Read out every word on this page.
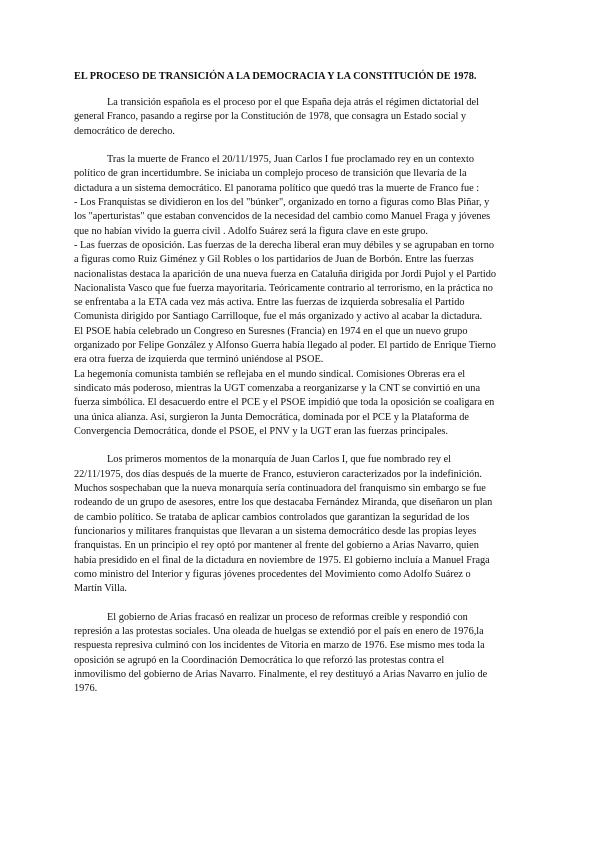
EL PROCESO DE TRANSICIÓN A LA DEMOCRACIA Y LA CONSTITUCIÓN DE 1978.
La transición española es el proceso por el que España deja atrás el régimen dictatorial del
general Franco, pasando a regirse por la Constitución de 1978, que consagra un Estado social y
democrático de derecho.
Tras la muerte de Franco el 20/11/1975, Juan Carlos I fue proclamado rey en un contexto
político de gran incertidumbre. Se iniciaba un complejo proceso de transición que llevaría de la
dictadura a un sistema democrático. El panorama político que quedó tras la muerte de Franco fue :
- Los Franquistas se dividieron en los del "búnker", organizado en torno a figuras como Blas Piñar, y
los "aperturistas" que estaban convencidos de la necesidad del cambio como Manuel Fraga y jóvenes
que no habían vivido la guerra civil . Adolfo Suárez será la figura clave en este grupo.
- Las fuerzas de oposición. Las fuerzas de la derecha liberal eran muy débiles y se agrupaban en torno
a figuras como Ruiz Giménez y Gil Robles o los partidarios de Juan de Borbón. Entre las fuerzas
nacionalistas destaca la aparición de una nueva fuerza en Cataluña dirigida por Jordi Pujol y el Partido
Nacionalista Vasco que fue fuerza mayoritaria. Teóricamente contrario al terrorismo, en la práctica no
se enfrentaba a la ETA cada vez más activa. Entre las fuerzas de izquierda sobresalía el Partido
Comunista dirigido por Santiago Carrilloque, fue el más organizado y activo al acabar la dictadura.
El PSOE había celebrado un Congreso en Suresnes (Francia) en 1974 en el que un nuevo grupo
organizado por Felipe González y Alfonso Guerra había llegado al poder. El partido de Enrique Tierno
era otra fuerza de izquierda que terminó uniéndose al PSOE.
La hegemonía comunista también se reflejaba en el mundo sindical. Comisiones Obreras era el
sindicato más poderoso, mientras la UGT comenzaba a reorganizarse y la CNT se convirtió en una
fuerza simbólica. El desacuerdo entre el PCE y el PSOE impidió que toda la oposición se coaligara en
una única alianza. Así, surgieron la Junta Democrática, dominada por el PCE y la Plataforma de
Convergencia Democrática, donde el PSOE, el PNV y la UGT eran las fuerzas principales.
Los primeros momentos de la monarquía de Juan Carlos I, que fue nombrado rey el
22/11/1975, dos días después de la muerte de Franco, estuvieron caracterizados por la indefinición.
Muchos sospechaban que la nueva monarquía sería continuadora del franquismo sin embargo se fue
rodeando de un grupo de asesores, entre los que destacaba Fernández Miranda, que diseñaron un plan
de cambio político. Se trataba de aplicar cambios controlados que garantizan la seguridad de los
funcionarios y militares franquistas que llevaran a un sistema democrático desde las propias leyes
franquistas. En un principio el rey optó por mantener al frente del gobierno a Arias Navarro, quien
había presidido en el final de la dictadura en noviembre de 1975. El gobierno incluía a Manuel Fraga
como ministro del Interior y figuras jóvenes procedentes del Movimiento como Adolfo Suárez o
Martín Villa.
El gobierno de Arias fracasó en realizar un proceso de reformas creíble y respondió con
represión a las protestas sociales. Una oleada de huelgas se extendió por el país en enero de 1976,la
respuesta represiva culminó con los incidentes de Vitoria en marzo de 1976. Ese mismo mes toda la
oposición se agrupó en la Coordinación Democrática lo que reforzó las protestas contra el
inmovilismo del gobierno de Arias Navarro. Finalmente, el rey destituyó a Arias Navarro en julio de
1976.
